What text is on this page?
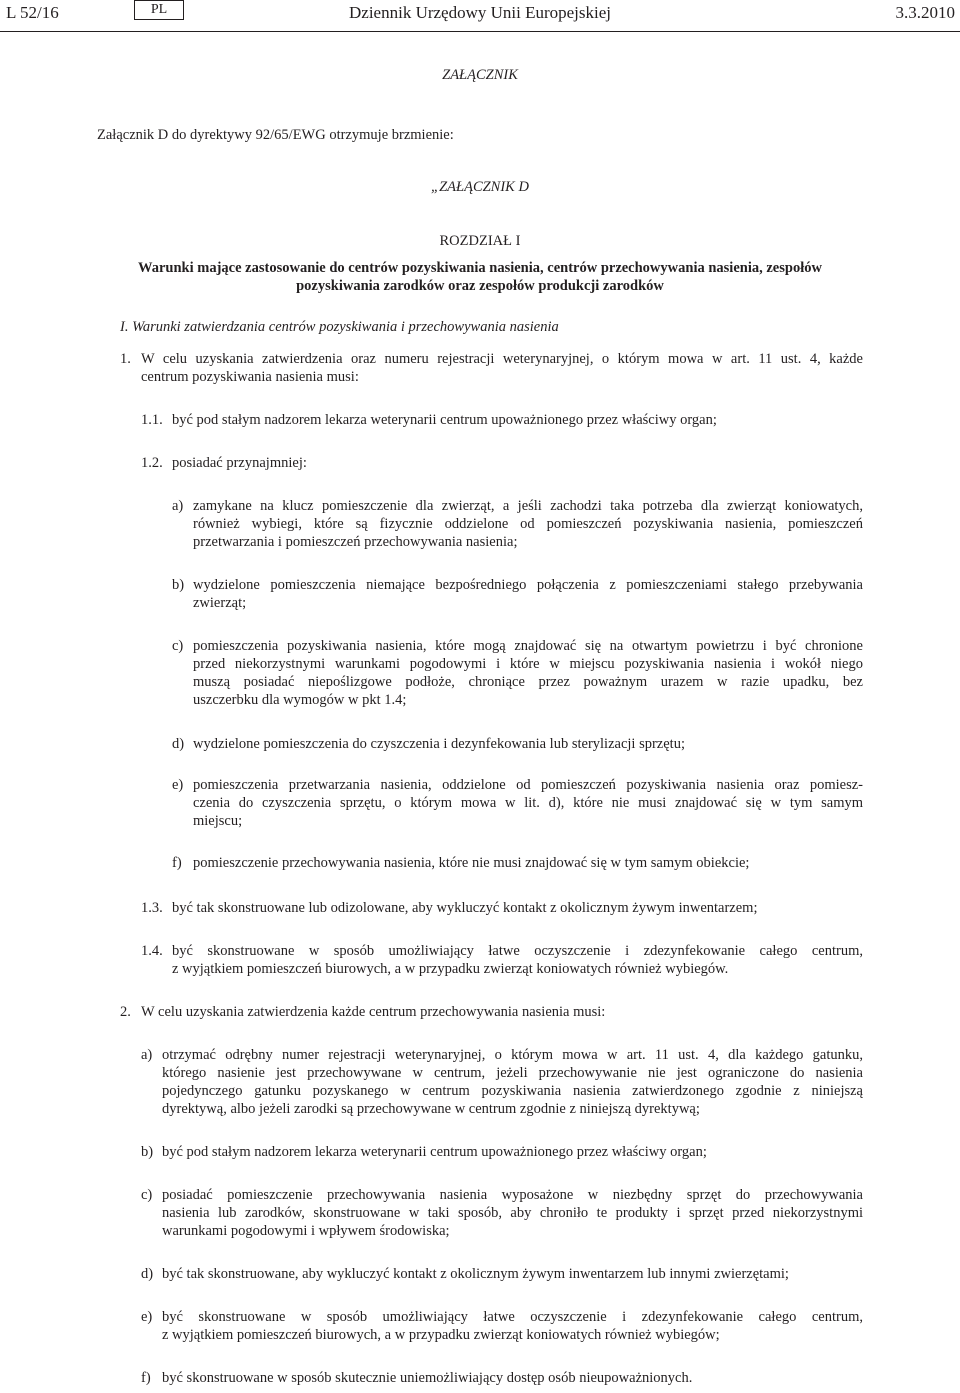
L 52/16	PL	Dziennik Urzędowy Unii Europejskiej	3.3.2010
ZAŁĄCZNIK
Załącznik D do dyrektywy 92/65/EWG otrzymuje brzmienie:
„ZAŁĄCZNIK D
ROZDZIAŁ I
Warunki mające zastosowanie do centrów pozyskiwania nasienia, centrów przechowywania nasienia, zespołów
pozyskiwania zarodków oraz zespołów produkcji zarodków
I. Warunki zatwierdzania centrów pozyskiwania i przechowywania nasienia
1. W celu uzyskania zatwierdzenia oraz numeru rejestracji weterynaryjnej, o którym mowa w art. 11 ust. 4, każde
centrum pozyskiwania nasienia musi:
1.1. być pod stałym nadzorem lekarza weterynarii centrum upoważnionego przez właściwy organ;
1.2. posiadać przynajmniej:
a) zamykane na klucz pomieszczenie dla zwierząt, a jeśli zachodzi taka potrzeba dla zwierząt koniowatych,
również wybiegi, które są fizycznie oddzielone od pomieszczeń pozyskiwania nasienia, pomieszczeń
przetwarzania i pomieszczeń przechowywania nasienia;
b) wydzielone pomieszczenia niemające bezpośredniego połączenia z pomieszczeniami stałego przebywania
zwierząt;
c) pomieszczenia pozyskiwania nasienia, które mogą znajdować się na otwartym powietrzu i być chronione
przed niekorzystnymi warunkami pogodowymi i które w miejscu pozyskiwania nasienia i wokół niego
muszą posiadać niepoślizgowe podłoże, chroniące przez poważnym urazem w razie upadku, bez
uszczerbku dla wymogów w pkt 1.4;
d) wydzielone pomieszczenia do czyszczenia i dezynfekowania lub sterylizacji sprzętu;
e) pomieszczenia przetwarzania nasienia, oddzielone od pomieszczeń pozyskiwania nasienia oraz pomiesz-
czenia do czyszczenia sprzętu, o którym mowa w lit. d), które nie musi znajdować się w tym samym
miejscu;
f) pomieszczenie przechowywania nasienia, które nie musi znajdować się w tym samym obiekcie;
1.3. być tak skonstruowane lub odizolowane, aby wykluczyć kontakt z okolicznym żywym inwentarzem;
1.4. być skonstruowane w sposób umożliwiający łatwe oczyszczenie i zdezynfekowanie całego centrum,
z wyjątkiem pomieszczeń biurowych, a w przypadku zwierząt koniowatych również wybiegów.
2. W celu uzyskania zatwierdzenia każde centrum przechowywania nasienia musi:
a) otrzymać odrębny numer rejestracji weterynaryjnej, o którym mowa w art. 11 ust. 4, dla każdego gatunku,
którego nasienie jest przechowywane w centrum, jeżeli przechowywanie nie jest ograniczone do nasienia
pojedynczego gatunku pozyskanego w centrum pozyskiwania nasienia zatwierdzonego zgodnie z niniejszą
dyrektywą, albo jeżeli zarodki są przechowywane w centrum zgodnie z niniejszą dyrektywą;
b) być pod stałym nadzorem lekarza weterynarii centrum upoważnionego przez właściwy organ;
c) posiadać pomieszczenie przechowywania nasienia wyposażone w niezbędny sprzęt do przechowywania
nasienia lub zarodków, skonstruowane w taki sposób, aby chroniło te produkty i sprzęt przed niekorzystnymi
warunkami pogodowymi i wpływem środowiska;
d) być tak skonstruowane, aby wykluczyć kontakt z okolicznym żywym inwentarzem lub innymi zwierzętami;
e) być skonstruowane w sposób umożliwiający łatwe oczyszczenie i zdezynfekowanie całego centrum,
z wyjątkiem pomieszczeń biurowych, a w przypadku zwierząt koniowatych również wybiegów;
f) być skonstruowane w sposób skutecznie uniemożliwiający dostęp osób nieupoważnionych.
